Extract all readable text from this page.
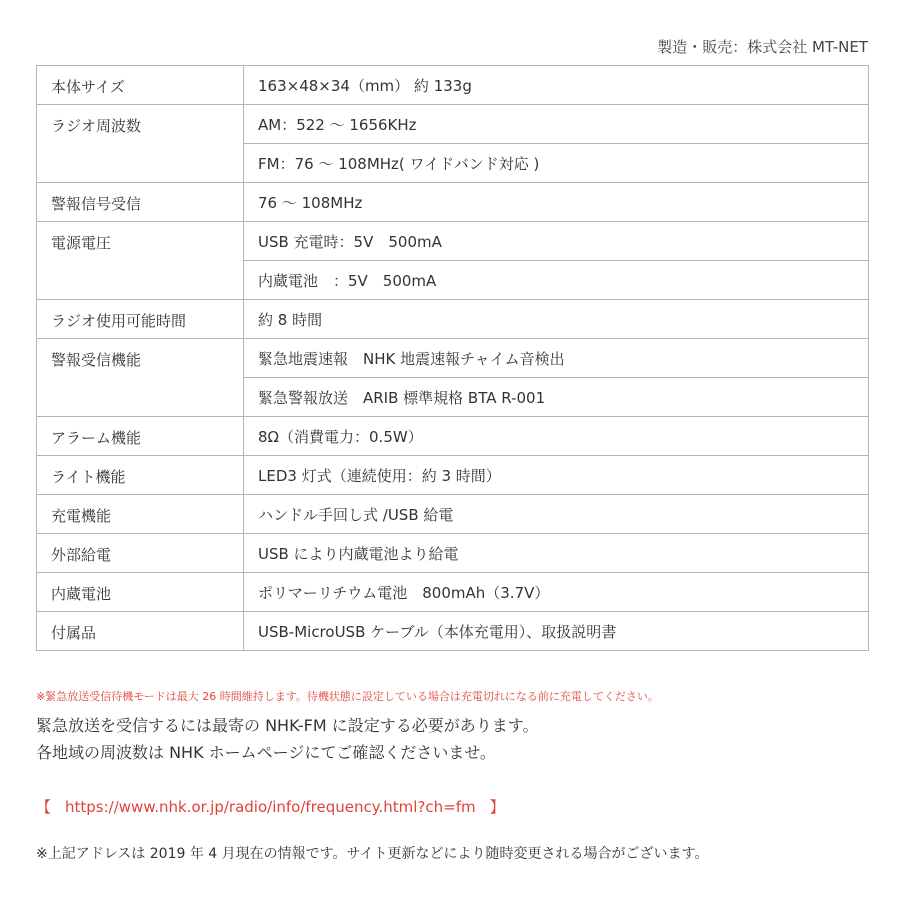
製造・販売：株式会社 MT-NET
本体サイズ	163×48×34（mm） 約 133g
ラジオ周波数	AM：522 〜 1656KHz
	FM：76 〜 108MHz( ワイドバンド対応 )
警報信号受信	76 〜 108MHz
電源電圧	USB 充電時：5V　500mA
	内蔵電池　：5V　500mA
ラジオ使用可能時間	約 8 時間
警報受信機能	緊急地震速報　NHK 地震速報チャイム音検出
	緊急警報放送　ARIB 標準規格 BTA R-001
アラーム機能	8Ω（消費電力：0.5W）
ライト機能	LED3 灯式（連続使用：約 3 時間）
充電機能	ハンドル手回し式 /USB 給電
外部給電	USB により内蔵電池より給電
内蔵電池	ポリマーリチウム電池　800mAh（3.7V）
付属品	USB-MicroUSB ケーブル（本体充電用）、取扱説明書
※緊急放送受信待機モードは最大 26 時間維持します。待機状態に設定している場合は充電切れになる前に充電してください。
緊急放送を受信するには最寄の NHK-FM に設定する必要があります。
各地域の周波数は NHK ホームページにてご確認くださいませ。
【 https://www.nhk.or.jp/radio/info/frequency.html?ch=fm 】
※上記アドレスは 2019 年 4 月現在の情報です。サイト更新などにより随時変更される場合がございます。
